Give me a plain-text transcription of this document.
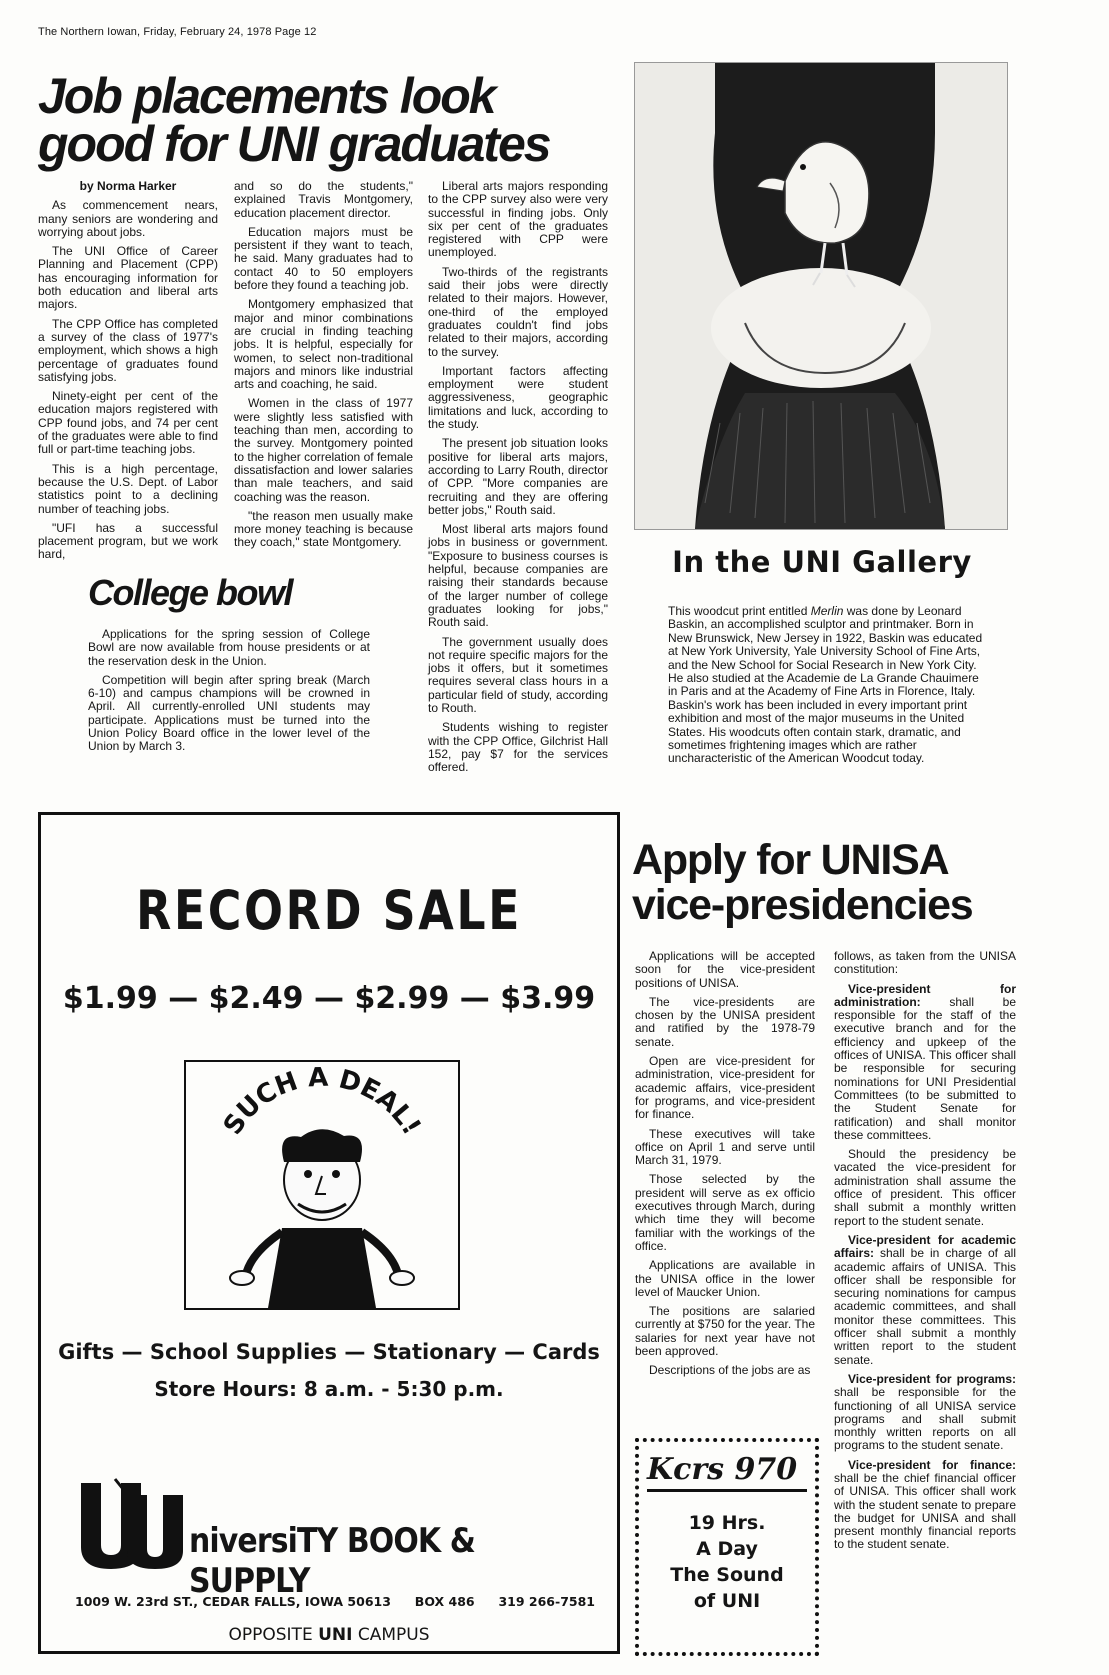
The Northern Iowan, Friday, February 24, 1978 Page 12
Job placements look good for UNI graduates

by Norma Harker

As commencement nears, many seniors are wondering and worrying about jobs.

The UNI Office of Career Planning and Placement (CPP) has encouraging information for both education and liberal arts majors.

The CPP Office has completed a survey of the class of 1977's employment, which shows a high percentage of graduates found satisfying jobs.

Ninety-eight per cent of the education majors registered with CPP found jobs, and 74 per cent of the graduates were able to find full or part-time teaching jobs.

This is a high percentage, because the U.S. Dept. of Labor statistics point to a declining number of teaching jobs.

"UFI has a successful placement program, but we work hard,

and so do the students," explained Travis Montgomery, education placement director.

Education majors must be persistent if they want to teach, he said. Many graduates had to contact 40 to 50 employers before they found a teaching job.

Montgomery emphasized that major and minor combinations are crucial in finding teaching jobs. It is helpful, especially for women, to select non-traditional majors and minors like industrial arts and coaching, he said.

Women in the class of 1977 were slightly less satisfied with teaching than men, according to the survey. Montgomery pointed to the higher correlation of female dissatisfaction and lower salaries than male teachers, and said coaching was the reason.

"the reason men usually make more money teaching is because they coach," state Montgomery.

Liberal arts majors responding to the CPP survey also were very successful in finding jobs. Only six per cent of the graduates registered with CPP were unemployed.

Two-thirds of the registrants said their jobs were directly related to their majors. However, one-third of the employed graduates couldn't find jobs related to their majors, according to the survey.

Important factors affecting employment were student aggressiveness, geographic limitations and luck, according to the study.

The present job situation looks positive for liberal arts majors, according to Larry Routh, director of CPP. "More companies are recruiting and they are offering better jobs," Routh said.

Most liberal arts majors found jobs in business or government. "Exposure to business courses is helpful, because companies are raising their standards because of the larger number of college graduates looking for jobs," Routh said.

The government usually does not require specific majors for the jobs it offers, but it sometimes requires several class hours in a particular field of study, according to Routh.

Students wishing to register with the CPP Office, Gilchrist Hall 152, pay $7 for the services offered.

College bowl

Applications for the spring session of College Bowl are now available from house presidents or at the reservation desk in the Union.

Competition will begin after spring break (March 6-10) and campus champions will be crowned in April. All currently-enrolled UNI students may participate. Applications must be turned into the Union Policy Board office in the lower level of the Union by March 3.

In the UNI Gallery
This woodcut print entitled Merlin was done by Leonard Baskin, an accomplished sculptor and printmaker. Born in New Brunswick, New Jersey in 1922, Baskin was educated at New York University, Yale University School of Fine Arts, and the New School for Social Research in New York City. He also studied at the Academie de La Grande Chauimere in Paris and at the Academy of Fine Arts in Florence, Italy. Baskin's work has been included in every important print exhibition and most of the major museums in the United States. His woodcuts often contain stark, dramatic, and sometimes frightening images which are rather uncharacteristic of the American Woodcut today.
RECORD SALE
$1.99 — $2.49 — $2.99 — $3.99
SUCH A DEAL!
Gifts — School Supplies — Stationary — Cards
Store Hours: 8 a.m. - 5:30 p.m.
niversiTY BOOK & SUPPLY
1009 W. 23rd ST., CEDAR FALLS, IOWA 50613 BOX 486 319 266-7581
OPPOSITE UNI CAMPUS
Apply for UNISA
vice-presidencies

Applications will be accepted soon for the vice-president positions of UNISA.

The vice-presidents are chosen by the UNISA president and ratified by the 1978-79 senate.

Open are vice-president for administration, vice-president for academic affairs, vice-president for programs, and vice-president for finance.

These executives will take office on April 1 and serve until March 31, 1979.

Those selected by the president will serve as ex officio executives through March, during which time they will become familiar with the workings of the office.

Applications are available in the UNISA office in the lower level of Maucker Union.

The positions are salaried currently at $750 for the year. The salaries for next year have not been approved.

Descriptions of the jobs are as

follows, as taken from the UNISA constitution:

Vice-president for administration: shall be responsible for the staff of the executive branch and for the efficiency and upkeep of the offices of UNISA. This officer shall be responsible for securing nominations for UNI Presidential Committees (to be submitted to the Student Senate for ratification) and shall monitor these committees.

Should the presidency be vacated the vice-president for administration shall assume the office of president. This officer shall submit a monthly written report to the student senate.

Vice-president for academic affairs: shall be in charge of all academic affairs of UNISA. This officer shall be responsible for securing nominations for campus academic committees, and shall monitor these committees. This officer shall submit a monthly written report to the student senate.

Vice-president for programs: shall be responsible for the functioning of all UNISA service programs and shall submit monthly written reports on all programs to the student senate.

Vice-president for finance: shall be the chief financial officer of UNISA. This officer shall work with the student senate to prepare the budget for UNISA and shall present monthly financial reports to the student senate.

Kcrs 970
19 Hrs.
A Day
The Sound
of UNI
